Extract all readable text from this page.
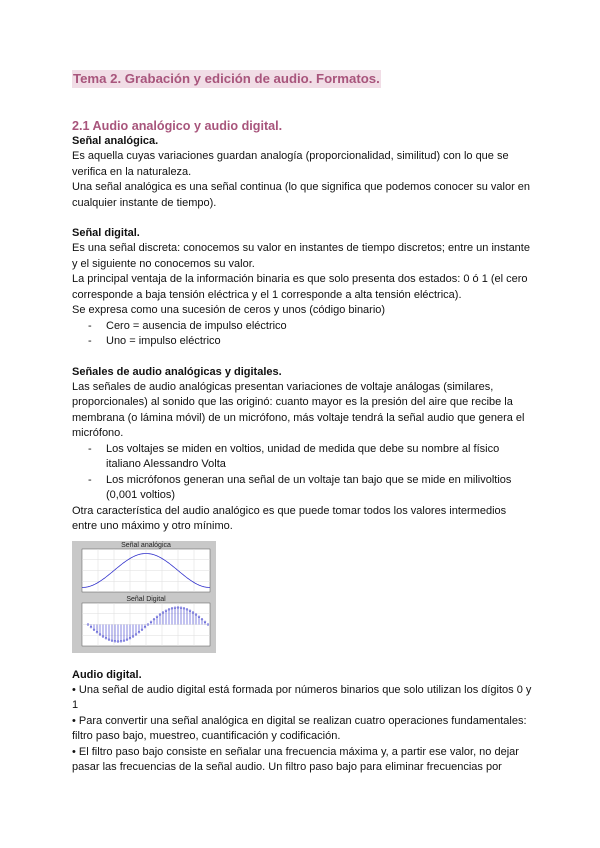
Tema 2. Grabación y edición de audio. Formatos.
2.1 Audio analógico y audio digital.
Señal analógica.

Es aquella cuyas variaciones guardan analogía (proporcionalidad, similitud) con lo que se verifica en la naturaleza.

Una señal analógica es una señal continua (lo que significa que podemos conocer su valor en cualquier instante de tiempo).

Señal digital.

Es una señal discreta: conocemos su valor en instantes de tiempo discretos; entre un instante y el siguiente no conocemos su valor.

La principal ventaja de la información binaria es que solo presenta dos estados: 0 ó 1 (el cero corresponde a baja tensión eléctrica y el 1 corresponde a alta tensión eléctrica).

Se expresa como una sucesión de ceros y unos (código binario)

- Cero = ausencia de impulso eléctrico
- Uno = impulso eléctrico
Señales de audio analógicas y digitales.

Las señales de audio analógicas presentan variaciones de voltaje análogas (similares, proporcionales) al sonido que las originó: cuanto mayor es la presión del aire que recibe la membrana (o lámina móvil) de un micrófono, más voltaje tendrá la señal audio que genera el micrófono.

- Los voltajes se miden en voltios, unidad de medida que debe su nombre al físico italiano Alessandro Volta
- Los micrófonos generan una señal de un voltaje tan bajo que se mide en milivoltios (0,001 voltios)

Otra característica del audio analógico es que puede tomar todos los valores intermedios entre uno máximo y otro mínimo.

Señal analógica
Señal Digital
Audio digital.

• Una señal de audio digital está formada por números binarios que solo utilizan los dígitos 0 y 1

• Para convertir una señal analógica en digital se realizan cuatro operaciones fundamentales: filtro paso bajo, muestreo, cuantificación y codificación.

• El filtro paso bajo consiste en señalar una frecuencia máxima y, a partir ese valor, no dejar pasar las frecuencias de la señal audio. Un filtro paso bajo para eliminar frecuencias por
